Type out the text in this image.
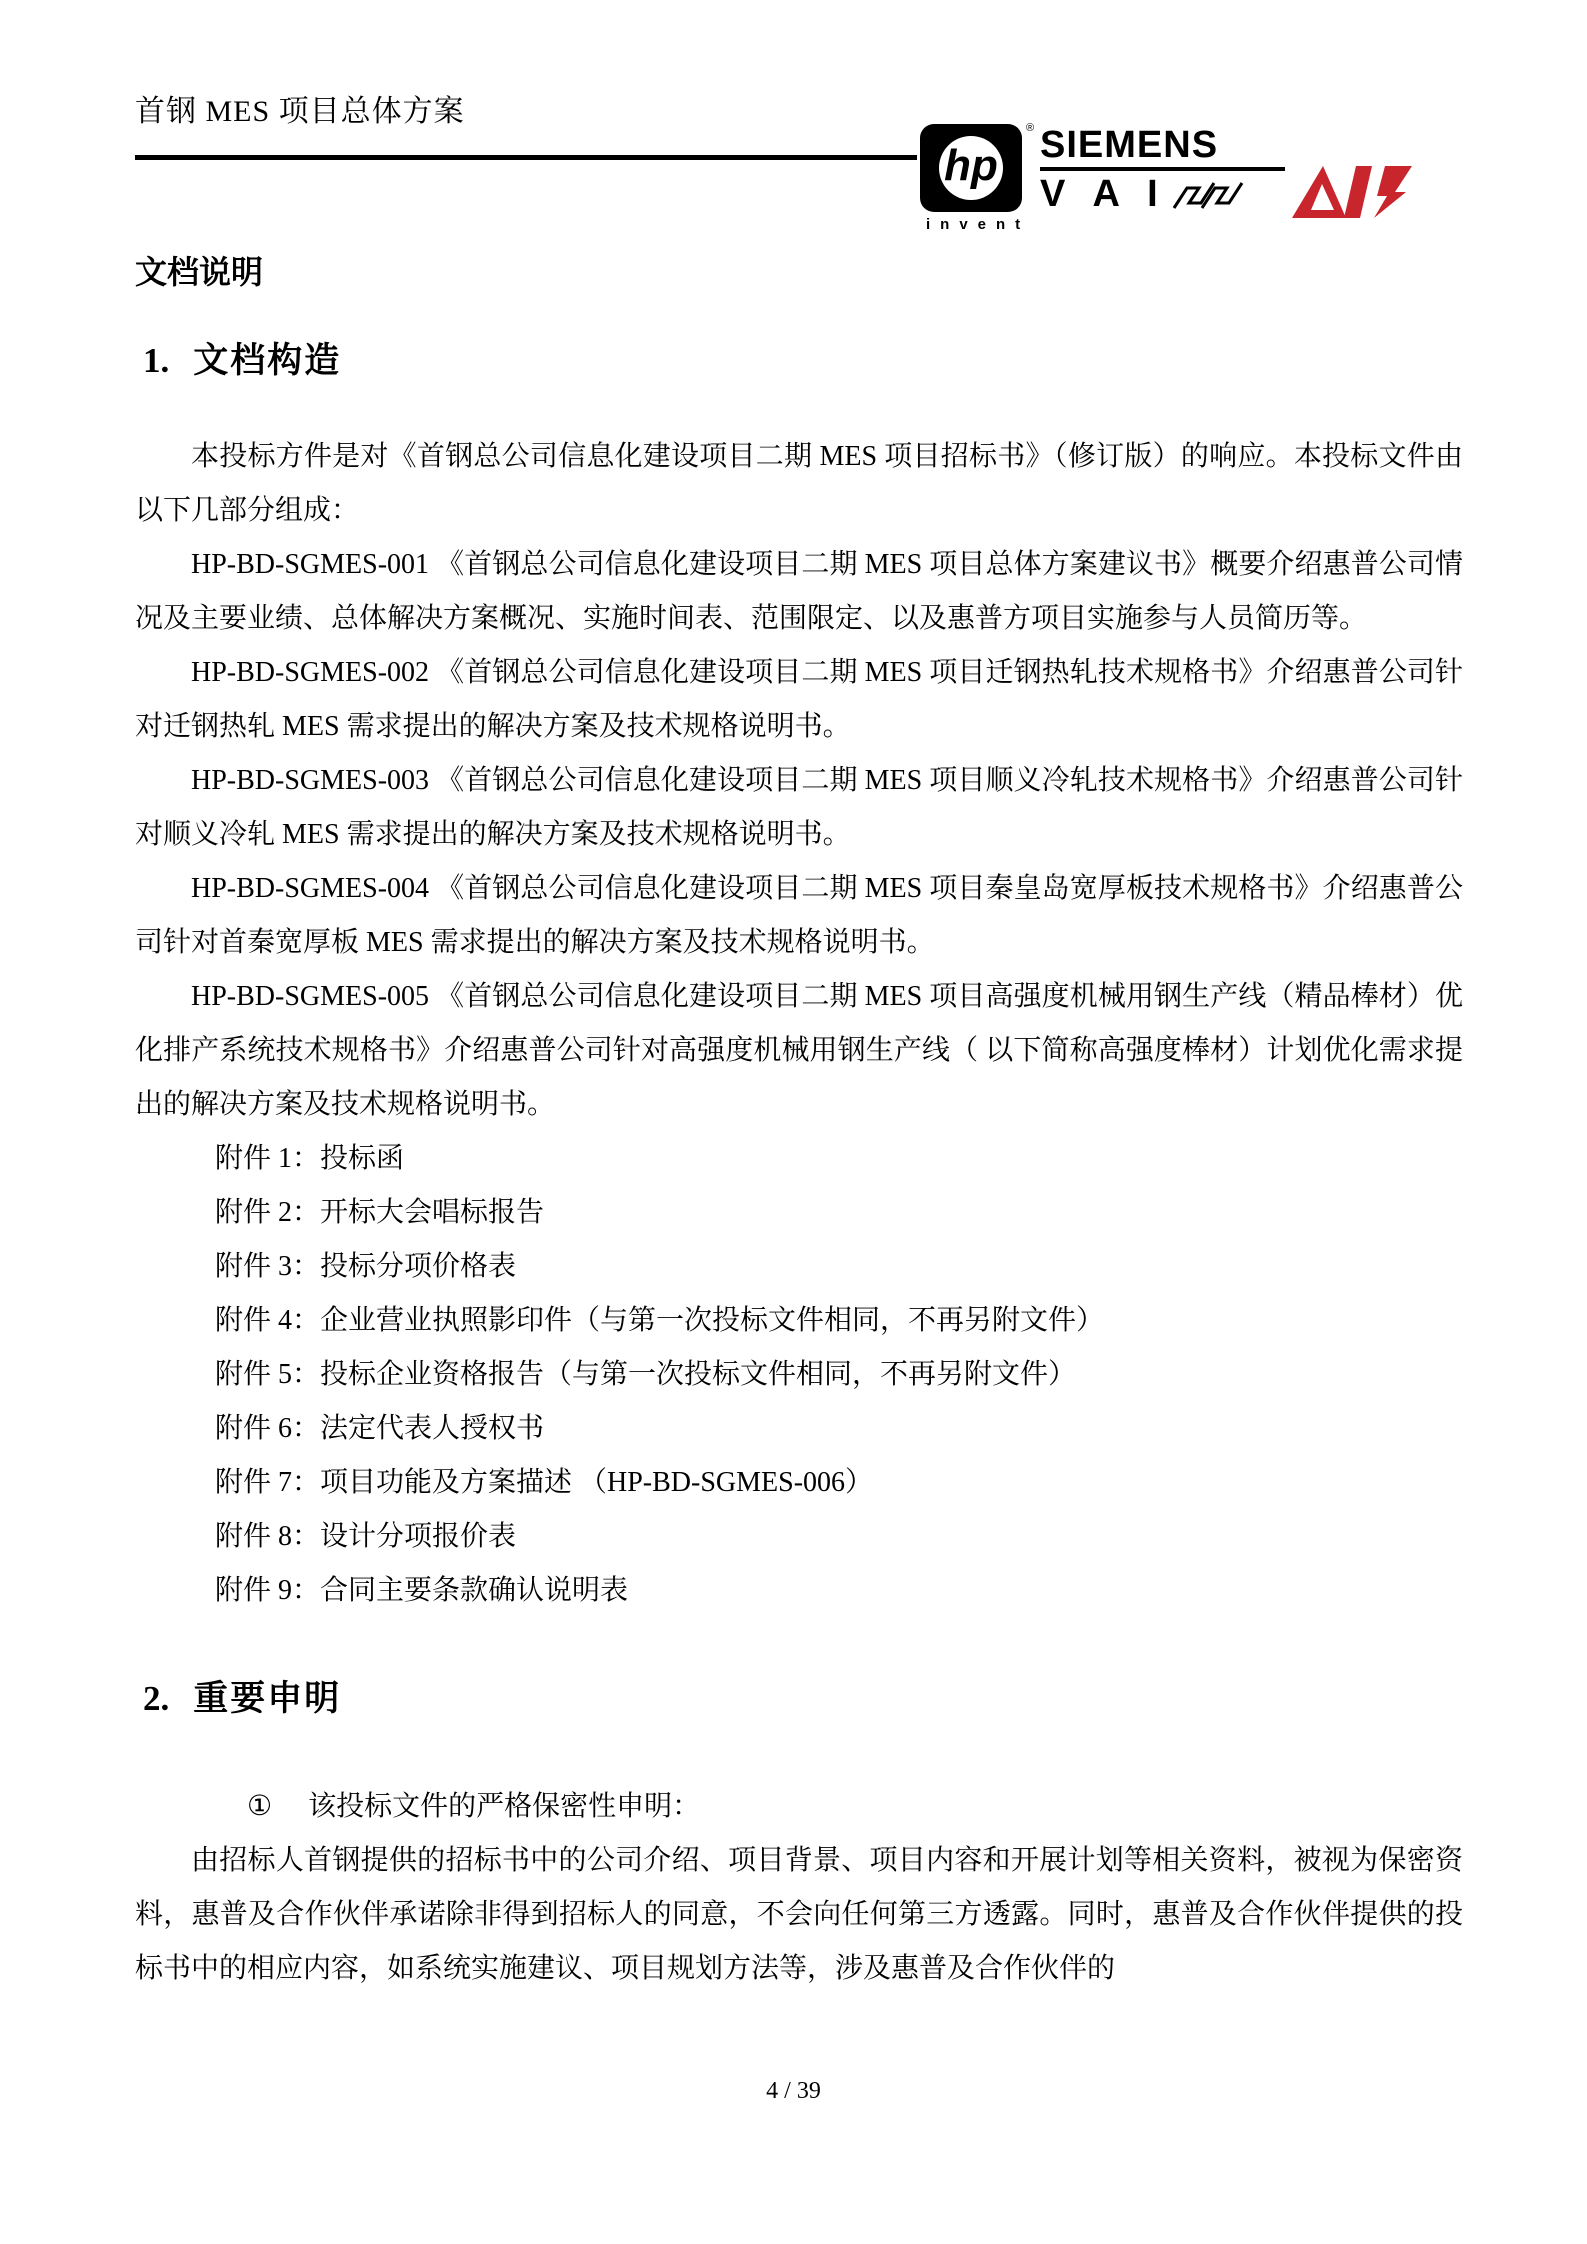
首钢 MES 项目总体方案
hp
®
invent
SIEMENS
V A I
文档说明
1. 文档构造

本投标方件是对《首钢总公司信息化建设项目二期 MES 项目招标书》（修订版）的响应。本投标文件由以下几部分组成：

HP-BD-SGMES-001 《首钢总公司信息化建设项目二期 MES 项目总体方案建议书》概要介绍惠普公司情况及主要业绩、总体解决方案概况、实施时间表、范围限定、以及惠普方项目实施参与人员简历等。

HP-BD-SGMES-002 《首钢总公司信息化建设项目二期 MES 项目迁钢热轧技术规格书》介绍惠普公司针对迁钢热轧 MES 需求提出的解决方案及技术规格说明书。

HP-BD-SGMES-003 《首钢总公司信息化建设项目二期 MES 项目顺义冷轧技术规格书》介绍惠普公司针对顺义冷轧 MES 需求提出的解决方案及技术规格说明书。

HP-BD-SGMES-004 《首钢总公司信息化建设项目二期 MES 项目秦皇岛宽厚板技术规格书》介绍惠普公司针对首秦宽厚板 MES 需求提出的解决方案及技术规格说明书。

HP-BD-SGMES-005 《首钢总公司信息化建设项目二期 MES 项目高强度机械用钢生产线（精品棒材）优化排产系统技术规格书》介绍惠普公司针对高强度机械用钢生产线（ 以下简称高强度棒材）计划优化需求提出的解决方案及技术规格说明书。

附件 1：投标函
附件 2：开标大会唱标报告
附件 3：投标分项价格表
附件 4：企业营业执照影印件（与第一次投标文件相同，不再另附文件）
附件 5：投标企业资格报告（与第一次投标文件相同，不再另附文件）
附件 6：法定代表人授权书
附件 7：项目功能及方案描述 （HP-BD-SGMES-006）
附件 8：设计分项报价表
附件 9：合同主要条款确认说明表
2. 重要申明
① 该投标文件的严格保密性申明：

由招标人首钢提供的招标书中的公司介绍、项目背景、项目内容和开展计划等相关资料，被视为保密资料，惠普及合作伙伴承诺除非得到招标人的同意，不会向任何第三方透露。同时，惠普及合作伙伴提供的投标书中的相应内容，如系统实施建议、项目规划方法等，涉及惠普及合作伙伴的

4 / 39
